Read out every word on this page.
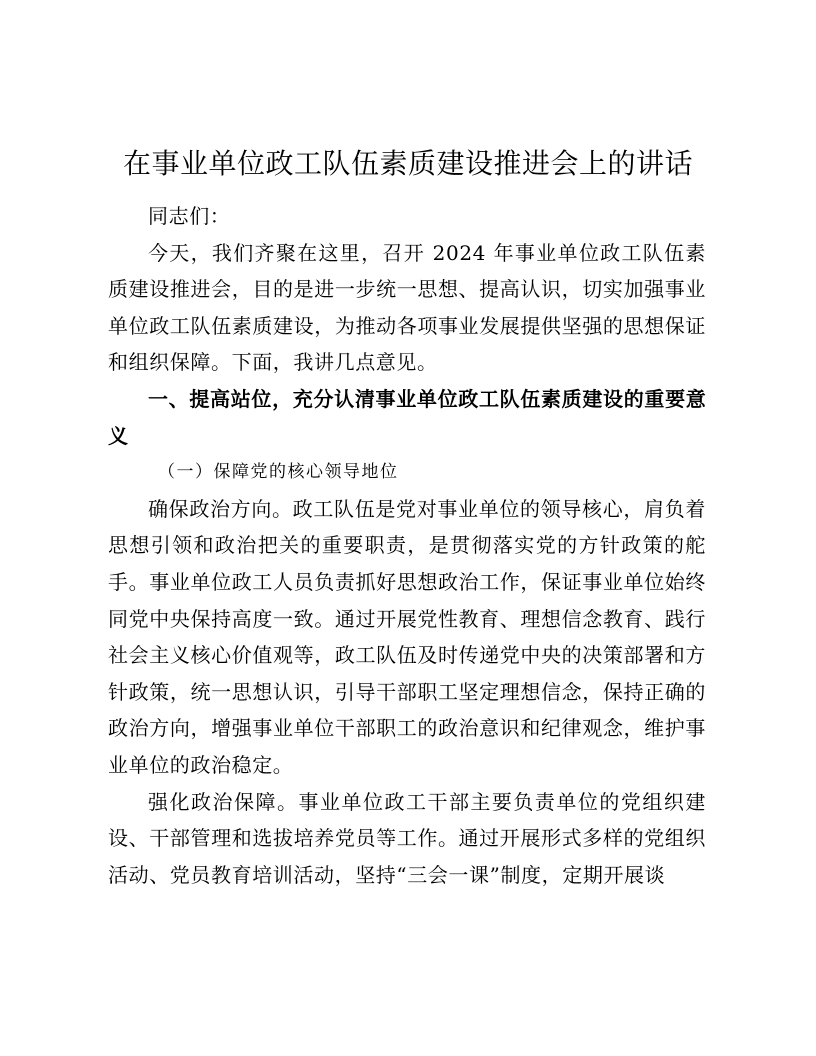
在事业单位政工队伍素质建设推进会上的讲话

同志们：

今天，我们齐聚在这里，召开 2024 年事业单位政工队伍素质建设推进会，目的是进一步统一思想、提高认识，切实加强事业单位政工队伍素质建设，为推动各项事业发展提供坚强的思想保证和组织保障。下面，我讲几点意见。

一、提高站位，充分认清事业单位政工队伍素质建设的重要意义

（一）保障党的核心领导地位

确保政治方向。政工队伍是党对事业单位的领导核心，肩负着思想引领和政治把关的重要职责，是贯彻落实党的方针政策的舵手。事业单位政工人员负责抓好思想政治工作，保证事业单位始终同党中央保持高度一致。通过开展党性教育、理想信念教育、践行社会主义核心价值观等，政工队伍及时传递党中央的决策部署和方针政策，统一思想认识，引导干部职工坚定理想信念，保持正确的政治方向，增强事业单位干部职工的政治意识和纪律观念，维护事业单位的政治稳定。

强化政治保障。事业单位政工干部主要负责单位的党组织建设、干部管理和选拔培养党员等工作。通过开展形式多样的党组织活动、党员教育培训活动，坚持“三会一课”制度，定期开展谈
